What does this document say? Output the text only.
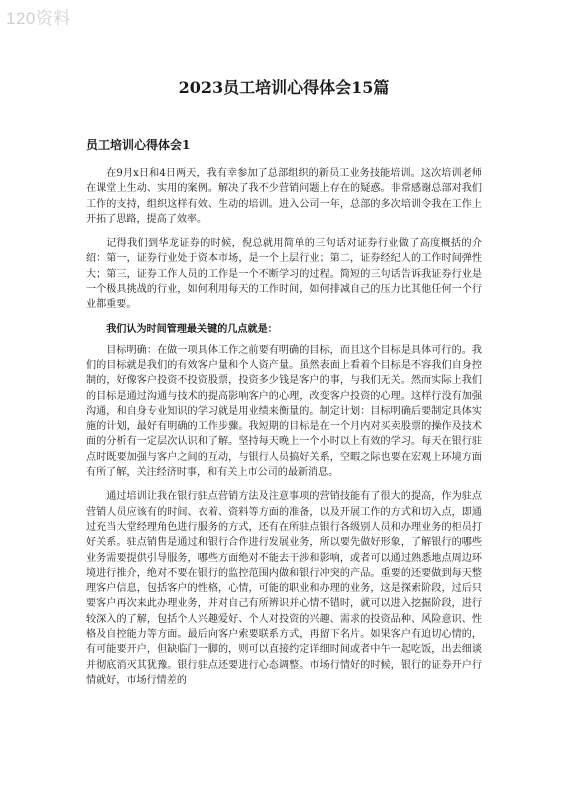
120资料
2023员工培训心得体会15篇
员工培训心得体会1

在9月x日和4日两天，我有幸参加了总部组织的新员工业务技能培训。这次培训老师在课堂上生动、实用的案例。解决了我不少营销问题上存在的疑惑。非常感谢总部对我们工作的支持，组织这样有效、生动的培训。进入公司一年，总部的多次培训令我在工作上开拓了思路，提高了效率。

记得我们到华龙证券的时候，倪总就用简单的三句话对证券行业做了高度概括的介绍：第一，证券行业处于资本市场，是一个上层行业；第二，证券经纪人的工作时间弹性大；第三，证券工作人员的工作是一个不断学习的过程。简短的三句话告诉我证券行业是一个极具挑战的行业，如何利用每天的工作时间，如何排减自己的压力比其他任何一个行业都重要。

我们认为时间管理最关键的几点就是：

目标明确：在做一项具体工作之前要有明确的目标，而且这个目标是具体可行的。我们的目标就是我们的有效客户量和个人资产量。虽然表面上看着个目标是不容我们自身控制的，好像客户投资不投资股票，投资多少钱是客户的事，与我们无关。然而实际上我们的目标是通过沟通与技术的提高影响客户的心理，改变客户投资的心理。这样行没有加强沟通，和自身专业知识的学习就是用业绩来衡量的。制定计划：目标明确后要制定具体实施的计划，最好有明确的工作步骤。我短期的目标是在一个月内对买卖股票的操作及技术面的分析有一定层次认识和了解。坚持每天晚上一个小时以上有效的学习。每天在银行驻点时既要加强与客户之间的互动，与银行人员搞好关系，空暇之际也要在宏观上环境方面有所了解，关注经济时事，和有关上市公司的最新消息。

通过培训让我在银行驻点营销方法及注意事项的营销技能有了很大的提高，作为驻点营销人员应该有的时间、衣着、资料等方面的准备，以及开展工作的方式和切入点，即通过充当大堂经理角色进行服务的方式，还有在所驻点银行各级别人员和办理业务的柜员打好关系。驻点销售是通过和银行合作进行发展业务，所以要先做好形象，了解银行的哪些业务需要提供引导服务，哪些方面绝对不能去干涉和影响，或者可以通过熟悉地点周边环境进行推介，绝对不要在银行的监控范围内做和银行冲突的产品。重要的还要做到每天整理客户信息，包括客户的性格，心情，可能的职业和办理的业务，这是探索阶段，过后只要客户再次来此办理业务，并对自己有所辨识并心情不错时，就可以进入挖掘阶段，进行较深入的了解，包括个人兴趣爱好、个人对投资的兴趣、需求的投资品种、风险意识、性格及自控能力等方面。最后向客户索要联系方式，再留下名片。如果客户有迫切心情的，有可能要开户，但缺临门一脚的，则可以直接约定详细时间或者中午一起吃饭，出去细谈并彻底消灭其犹豫。银行驻点还要进行心态调整。市场行情好的时候，银行的证券开户行情就好，市场行情差的
